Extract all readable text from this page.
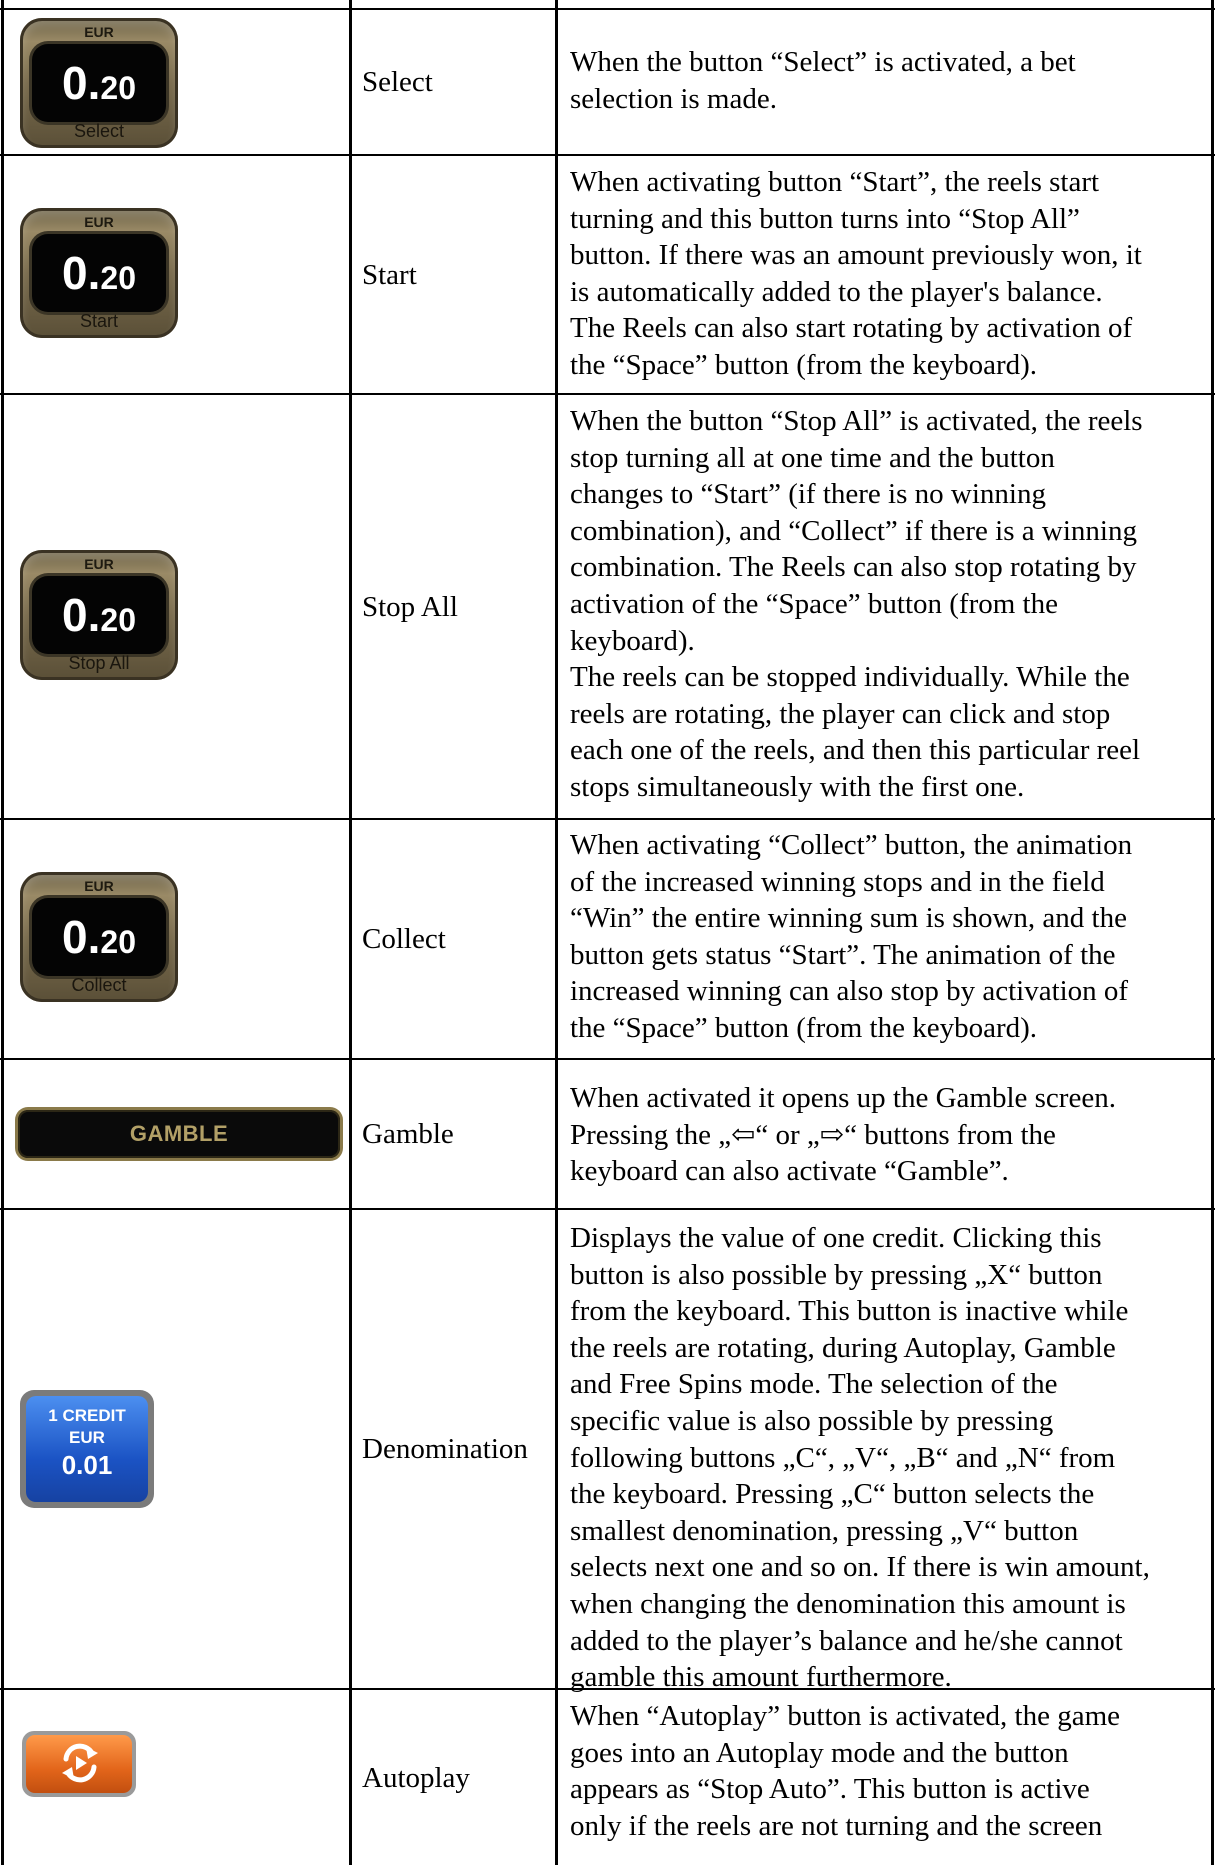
EUR
0.20
Select
Select
When the button “Select” is activated, a bet
selection is made.
EUR
0.20
Start
Start
When activating button “Start”, the reels start
turning and this button turns into “Stop All”
button. If there was an amount previously won, it
is automatically added to the player's balance.
The Reels can also start rotating by activation of
the “Space” button (from the keyboard).
EUR
0.20
Stop All
Stop All
When the button “Stop All” is activated, the reels
stop turning all at one time and the button
changes to “Start” (if there is no winning
combination), and “Collect” if there is a winning
combination. The Reels can also stop rotating by
activation of the “Space” button (from the
keyboard).
The reels can be stopped individually. While the
reels are rotating, the player can click and stop
each one of the reels, and then this particular reel
stops simultaneously with the first one.
EUR
0.20
Collect
Collect
When activating “Collect” button, the animation
of the increased winning stops and in the field
“Win” the entire winning sum is shown, and the
button gets status “Start”. The animation of the
increased winning can also stop by activation of
the “Space” button (from the keyboard).
GAMBLE	Gamble
When activated it opens up the Gamble screen.
Pressing the „⇦“ or „⇨“ buttons from the
keyboard can also activate “Gamble”.
1 CREDIT
EUR
0.01	Denomination
Displays the value of one credit. Clicking this
button is also possible by pressing „X“ button
from the keyboard. This button is inactive while
the reels are rotating, during Autoplay, Gamble
and Free Spins mode. The selection of the
specific value is also possible by pressing
following buttons „C“, „V“, „B“ and „N“ from
the keyboard. Pressing „C“ button selects the
smallest denomination, pressing „V“ button
selects next one and so on. If there is win amount,
when changing the denomination this amount is
added to the player’s balance and he/she cannot
gamble this amount furthermore.
Autoplay
When “Autoplay” button is activated, the game
goes into an Autoplay mode and the button
appears as “Stop Auto”. This button is active
only if the reels are not turning and the screen
